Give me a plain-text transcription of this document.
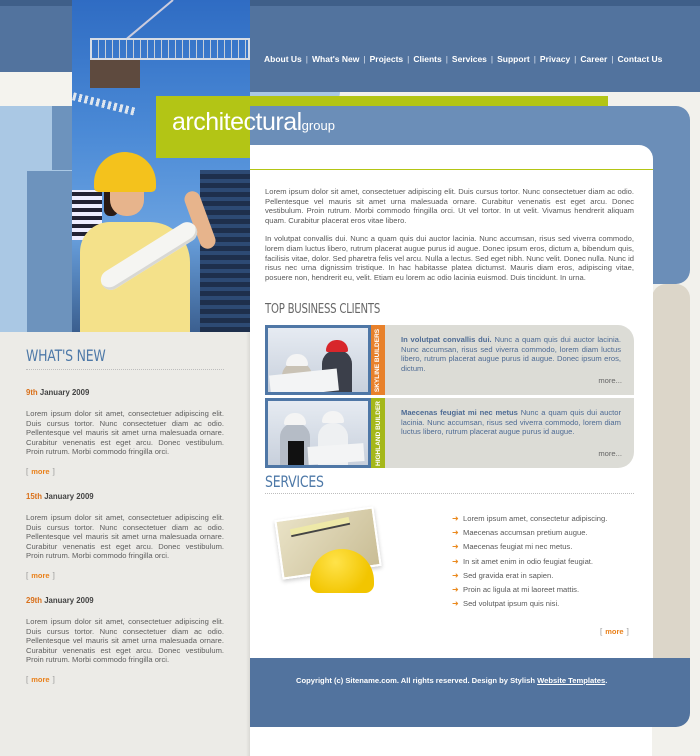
About Us | What's New | Projects | Clients | Services | Support | Privacy | Career | Contact Us
architecturalgroup

Lorem ipsum dolor sit amet, consectetuer adipiscing elit. Duis cursus tortor. Nunc consectetuer diam ac odio. Pellentesque vel mauris sit amet urna malesuada ornare. Curabitur venenatis est eget arcu. Donec vestibulum. Proin rutrum. Morbi commodo fringilla orci. Ut vel tortor. In ut velit. Vivamus hendrerit aliquam quam. Curabitur placerat eros vitae libero.

In volutpat convallis dui. Nunc a quam quis dui auctor lacinia. Nunc accumsan, risus sed viverra commodo, lorem diam luctus libero, rutrum placerat augue purus id augue. Donec ipsum eros, dictum a, bibendum quis, facilisis vitae, dolor. Sed pharetra felis vel arcu. Nulla a lectus. Sed eget nibh. Nunc velit. Donec nulla. Nunc id risus nec urna dignissim tristique. In hac habitasse platea dictumst. Mauris diam eros, adipiscing vitae, posuere non, hendrerit eu, velit. Etiam eu lorem ac odio lacinia euismod. Duis tincidunt. In urna.

TOP BUSINESS CLIENTS
SKYLINE BUILDERS	In volutpat convallis dui. Nunc a quam quis dui auctor lacinia. Nunc accumsan, risus sed viverra commodo, lorem diam luctus libero, rutrum placerat augue purus id augue. Donec ipsum eros, dictum.
more...
HIGHLAND BUILDER	Maecenas feugiat mi nec metus Nunc a quam quis dui auctor lacinia. Nunc accumsan, risus sed viverra commodo, lorem diam luctus libero, rutrum placerat augue purus id augue.
more...
SERVICES
➜ Lorem ipsum amet, consectetur adipiscing.
➜ Maecenas accumsan pretium augue.
➜ Maecenas feugiat mi nec metus.
➜ In sit amet enim in odio feugiat feugiat.
➜ Sed gravida erat in sapien.
➜ Proin ac ligula at mi laoreet mattis.
➜ Sed volutpat ipsum quis nisi.
[ more ]
WHAT'S NEW
9th January 2009
Lorem ipsum dolor sit amet, consectetuer adipiscing elit. Duis cursus tortor. Nunc consectetuer diam ac odio. Pellentesque vel mauris sit amet urna malesuada ornare. Curabitur venenatis est eget arcu. Donec vestibulum. Proin rutrum. Morbi commodo fringilla orci.
[ more ]
15th January 2009
Lorem ipsum dolor sit amet, consectetuer adipiscing elit. Duis cursus tortor. Nunc consectetuer diam ac odio. Pellentesque vel mauris sit amet urna malesuada ornare. Curabitur venenatis est eget arcu. Donec vestibulum. Proin rutrum. Morbi commodo fringilla orci.
[ more ]
29th January 2009
Lorem ipsum dolor sit amet, consectetuer adipiscing elit. Duis cursus tortor. Nunc consectetuer diam ac odio. Pellentesque vel mauris sit amet urna malesuada ornare. Curabitur venenatis est eget arcu. Donec vestibulum. Proin rutrum. Morbi commodo fringilla orci.
[ more ]	Copyright (c) Sitename.com. All rights reserved. Design by Stylish Website Templates.
